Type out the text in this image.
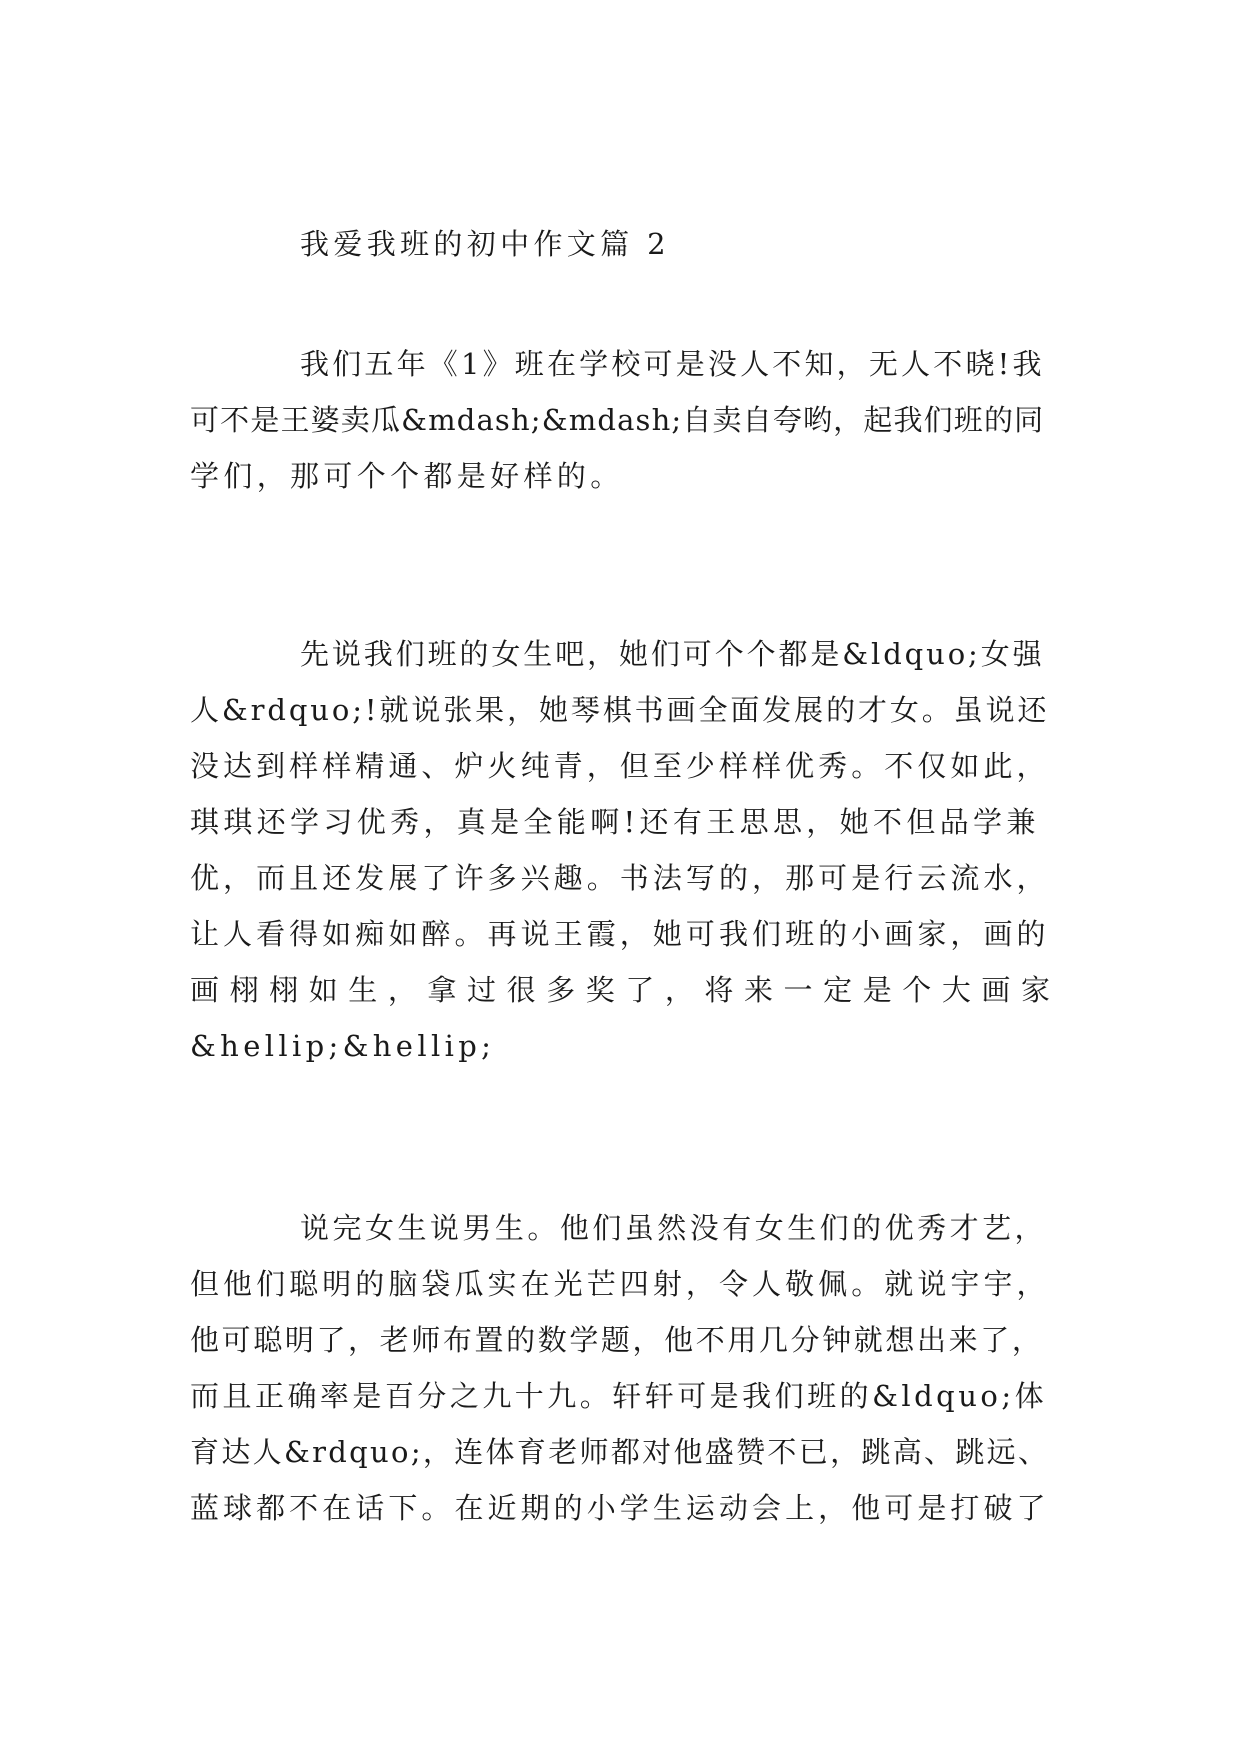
我爱我班的初中作文篇 2
我们五年《1》班在学校可是没人不知，无人不晓!我
可不是王婆卖瓜&mdash;&mdash;自卖自夸哟，起我们班的同
学们，那可个个都是好样的。
先说我们班的女生吧，她们可个个都是&ldquo;女强
人&rdquo;!就说张果，她琴棋书画全面发展的才女。虽说还
没达到样样精通、炉火纯青，但至少样样优秀。不仅如此，
琪琪还学习优秀，真是全能啊!还有王思思，她不但品学兼
优，而且还发展了许多兴趣。书法写的，那可是行云流水，
让人看得如痴如醉。再说王霞，她可我们班的小画家，画的
画栩栩如生，拿过很多奖了，将来一定是个大画家
&hellip;&hellip;
说完女生说男生。他们虽然没有女生们的优秀才艺，
但他们聪明的脑袋瓜实在光芒四射，令人敬佩。就说宇宇，
他可聪明了，老师布置的数学题，他不用几分钟就想出来了，
而且正确率是百分之九十九。轩轩可是我们班的&ldquo;体
育达人&rdquo;，连体育老师都对他盛赞不已，跳高、跳远、
蓝球都不在话下。在近期的小学生运动会上，他可是打破了
